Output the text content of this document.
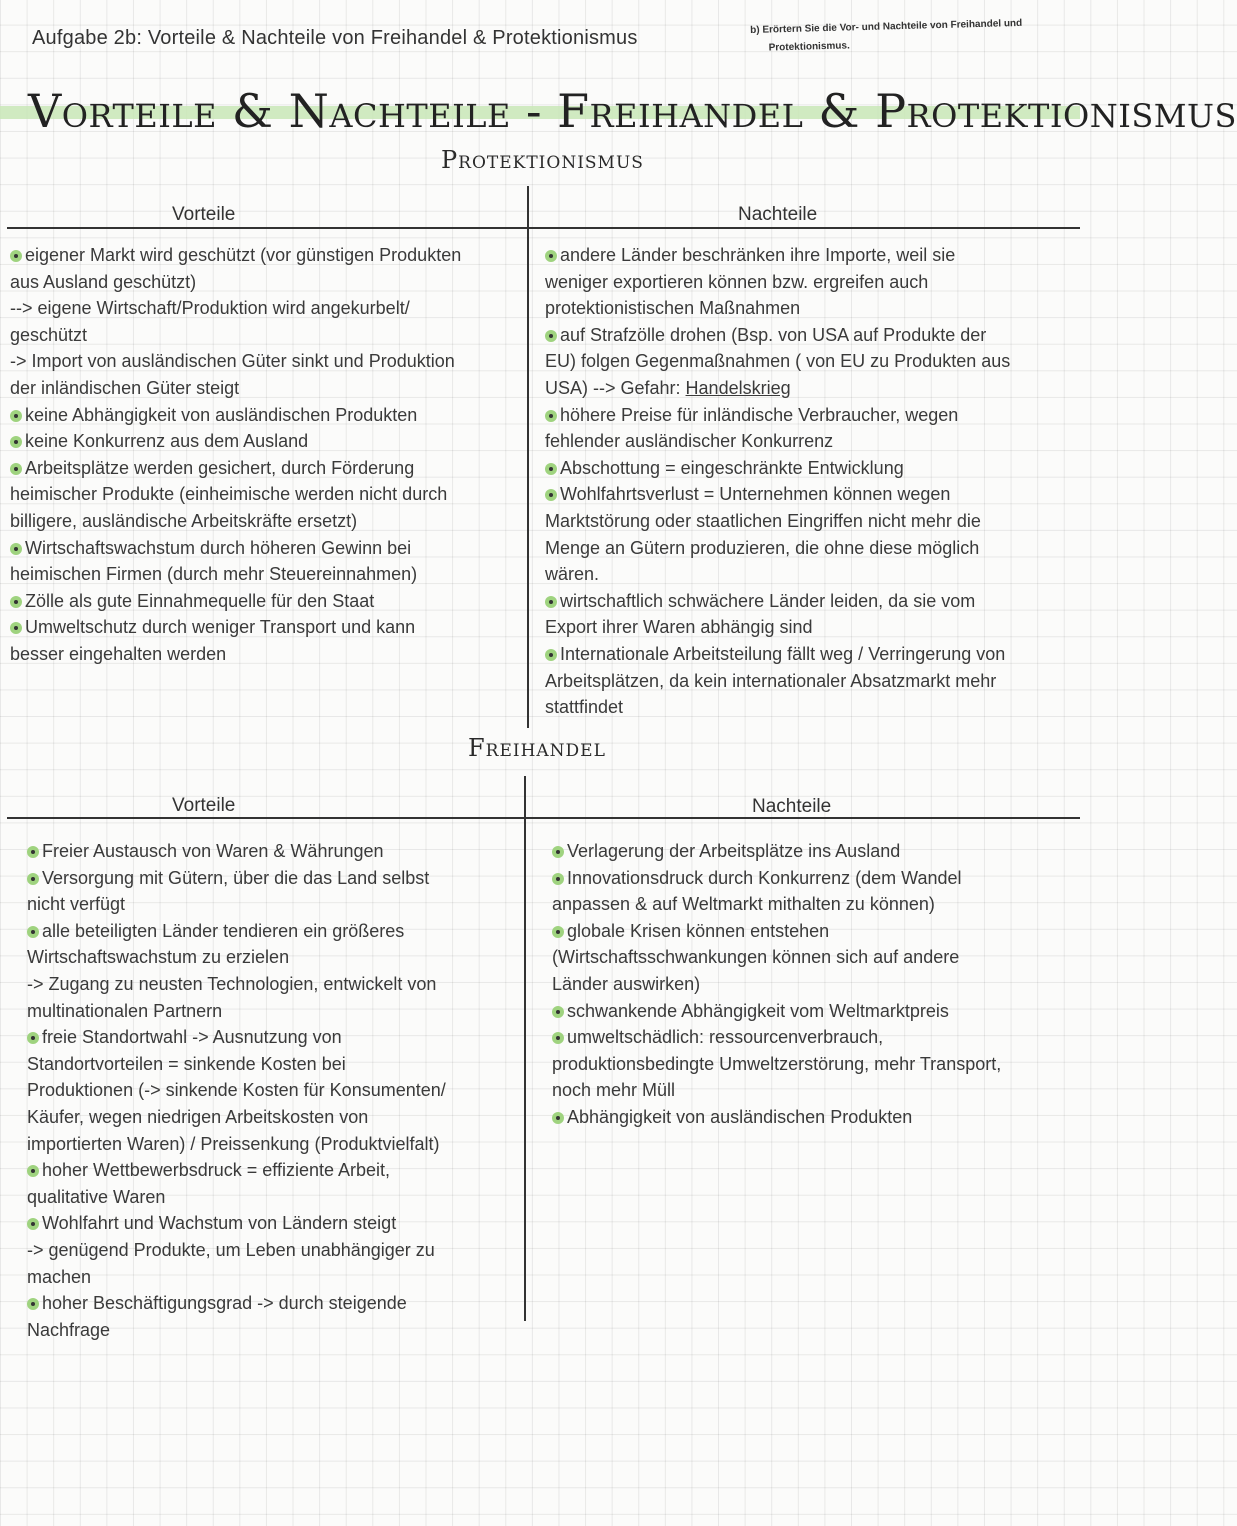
Aufgabe 2b: Vorteile & Nachteile von Freihandel & Protektionismus
b) Erörtern Sie die Vor- und Nachteile von Freihandel und
Protektionismus.
Vorteile & Nachteile - Freihandel & Protektionismus
Protektionismus
Vorteile	Nachteile
eigener Markt wird geschützt (vor günstigen Produkten
aus Ausland geschützt)
--> eigene Wirtschaft/Produktion wird angekurbelt/
geschützt
-> Import von ausländischen Güter sinkt und Produktion
der inländischen Güter steigt
keine Abhängigkeit von ausländischen Produkten
keine Konkurrenz aus dem Ausland
Arbeitsplätze werden gesichert, durch Förderung
heimischer Produkte (einheimische werden nicht durch
billigere, ausländische Arbeitskräfte ersetzt)
Wirtschaftswachstum durch höheren Gewinn bei
heimischen Firmen (durch mehr Steuereinnahmen)
Zölle als gute Einnahmequelle für den Staat
Umweltschutz durch weniger Transport und kann
besser eingehalten werden
andere Länder beschränken ihre Importe, weil sie
weniger exportieren können bzw. ergreifen auch
protektionistischen Maßnahmen
auf Strafzölle drohen (Bsp. von USA auf Produkte der
EU) folgen Gegenmaßnahmen ( von EU zu Produkten aus
USA) --> Gefahr: Handelskrieg
höhere Preise für inländische Verbraucher, wegen
fehlender ausländischer Konkurrenz
Abschottung = eingeschränkte Entwicklung
Wohlfahrtsverlust = Unternehmen können wegen
Marktstörung oder staatlichen Eingriffen nicht mehr die
Menge an Gütern produzieren, die ohne diese möglich
wären.
wirtschaftlich schwächere Länder leiden, da sie vom
Export ihrer Waren abhängig sind
Internationale Arbeitsteilung fällt weg / Verringerung von
Arbeitsplätzen, da kein internationaler Absatzmarkt mehr
stattfindet
Freihandel
Vorteile	Nachteile
Freier Austausch von Waren & Währungen
Versorgung mit Gütern, über die das Land selbst
nicht verfügt
alle beteiligten Länder tendieren ein größeres
Wirtschaftswachstum zu erzielen
-> Zugang zu neusten Technologien, entwickelt von
multinationalen Partnern
freie Standortwahl -> Ausnutzung von
Standortvorteilen = sinkende Kosten bei
Produktionen (-> sinkende Kosten für Konsumenten/
Käufer, wegen niedrigen Arbeitskosten von
importierten Waren) / Preissenkung (Produktvielfalt)
hoher Wettbewerbsdruck = effiziente Arbeit,
qualitative Waren
Wohlfahrt und Wachstum von Ländern steigt
-> genügend Produkte, um Leben unabhängiger zu
machen
hoher Beschäftigungsgrad -> durch steigende
Nachfrage
Verlagerung der Arbeitsplätze ins Ausland
Innovationsdruck durch Konkurrenz (dem Wandel
anpassen & auf Weltmarkt mithalten zu können)
globale Krisen können entstehen
(Wirtschaftsschwankungen können sich auf andere
Länder auswirken)
schwankende Abhängigkeit vom Weltmarktpreis
umweltschädlich: ressourcenverbrauch,
produktionsbedingte Umweltzerstörung, mehr Transport,
noch mehr Müll
Abhängigkeit von ausländischen Produkten
